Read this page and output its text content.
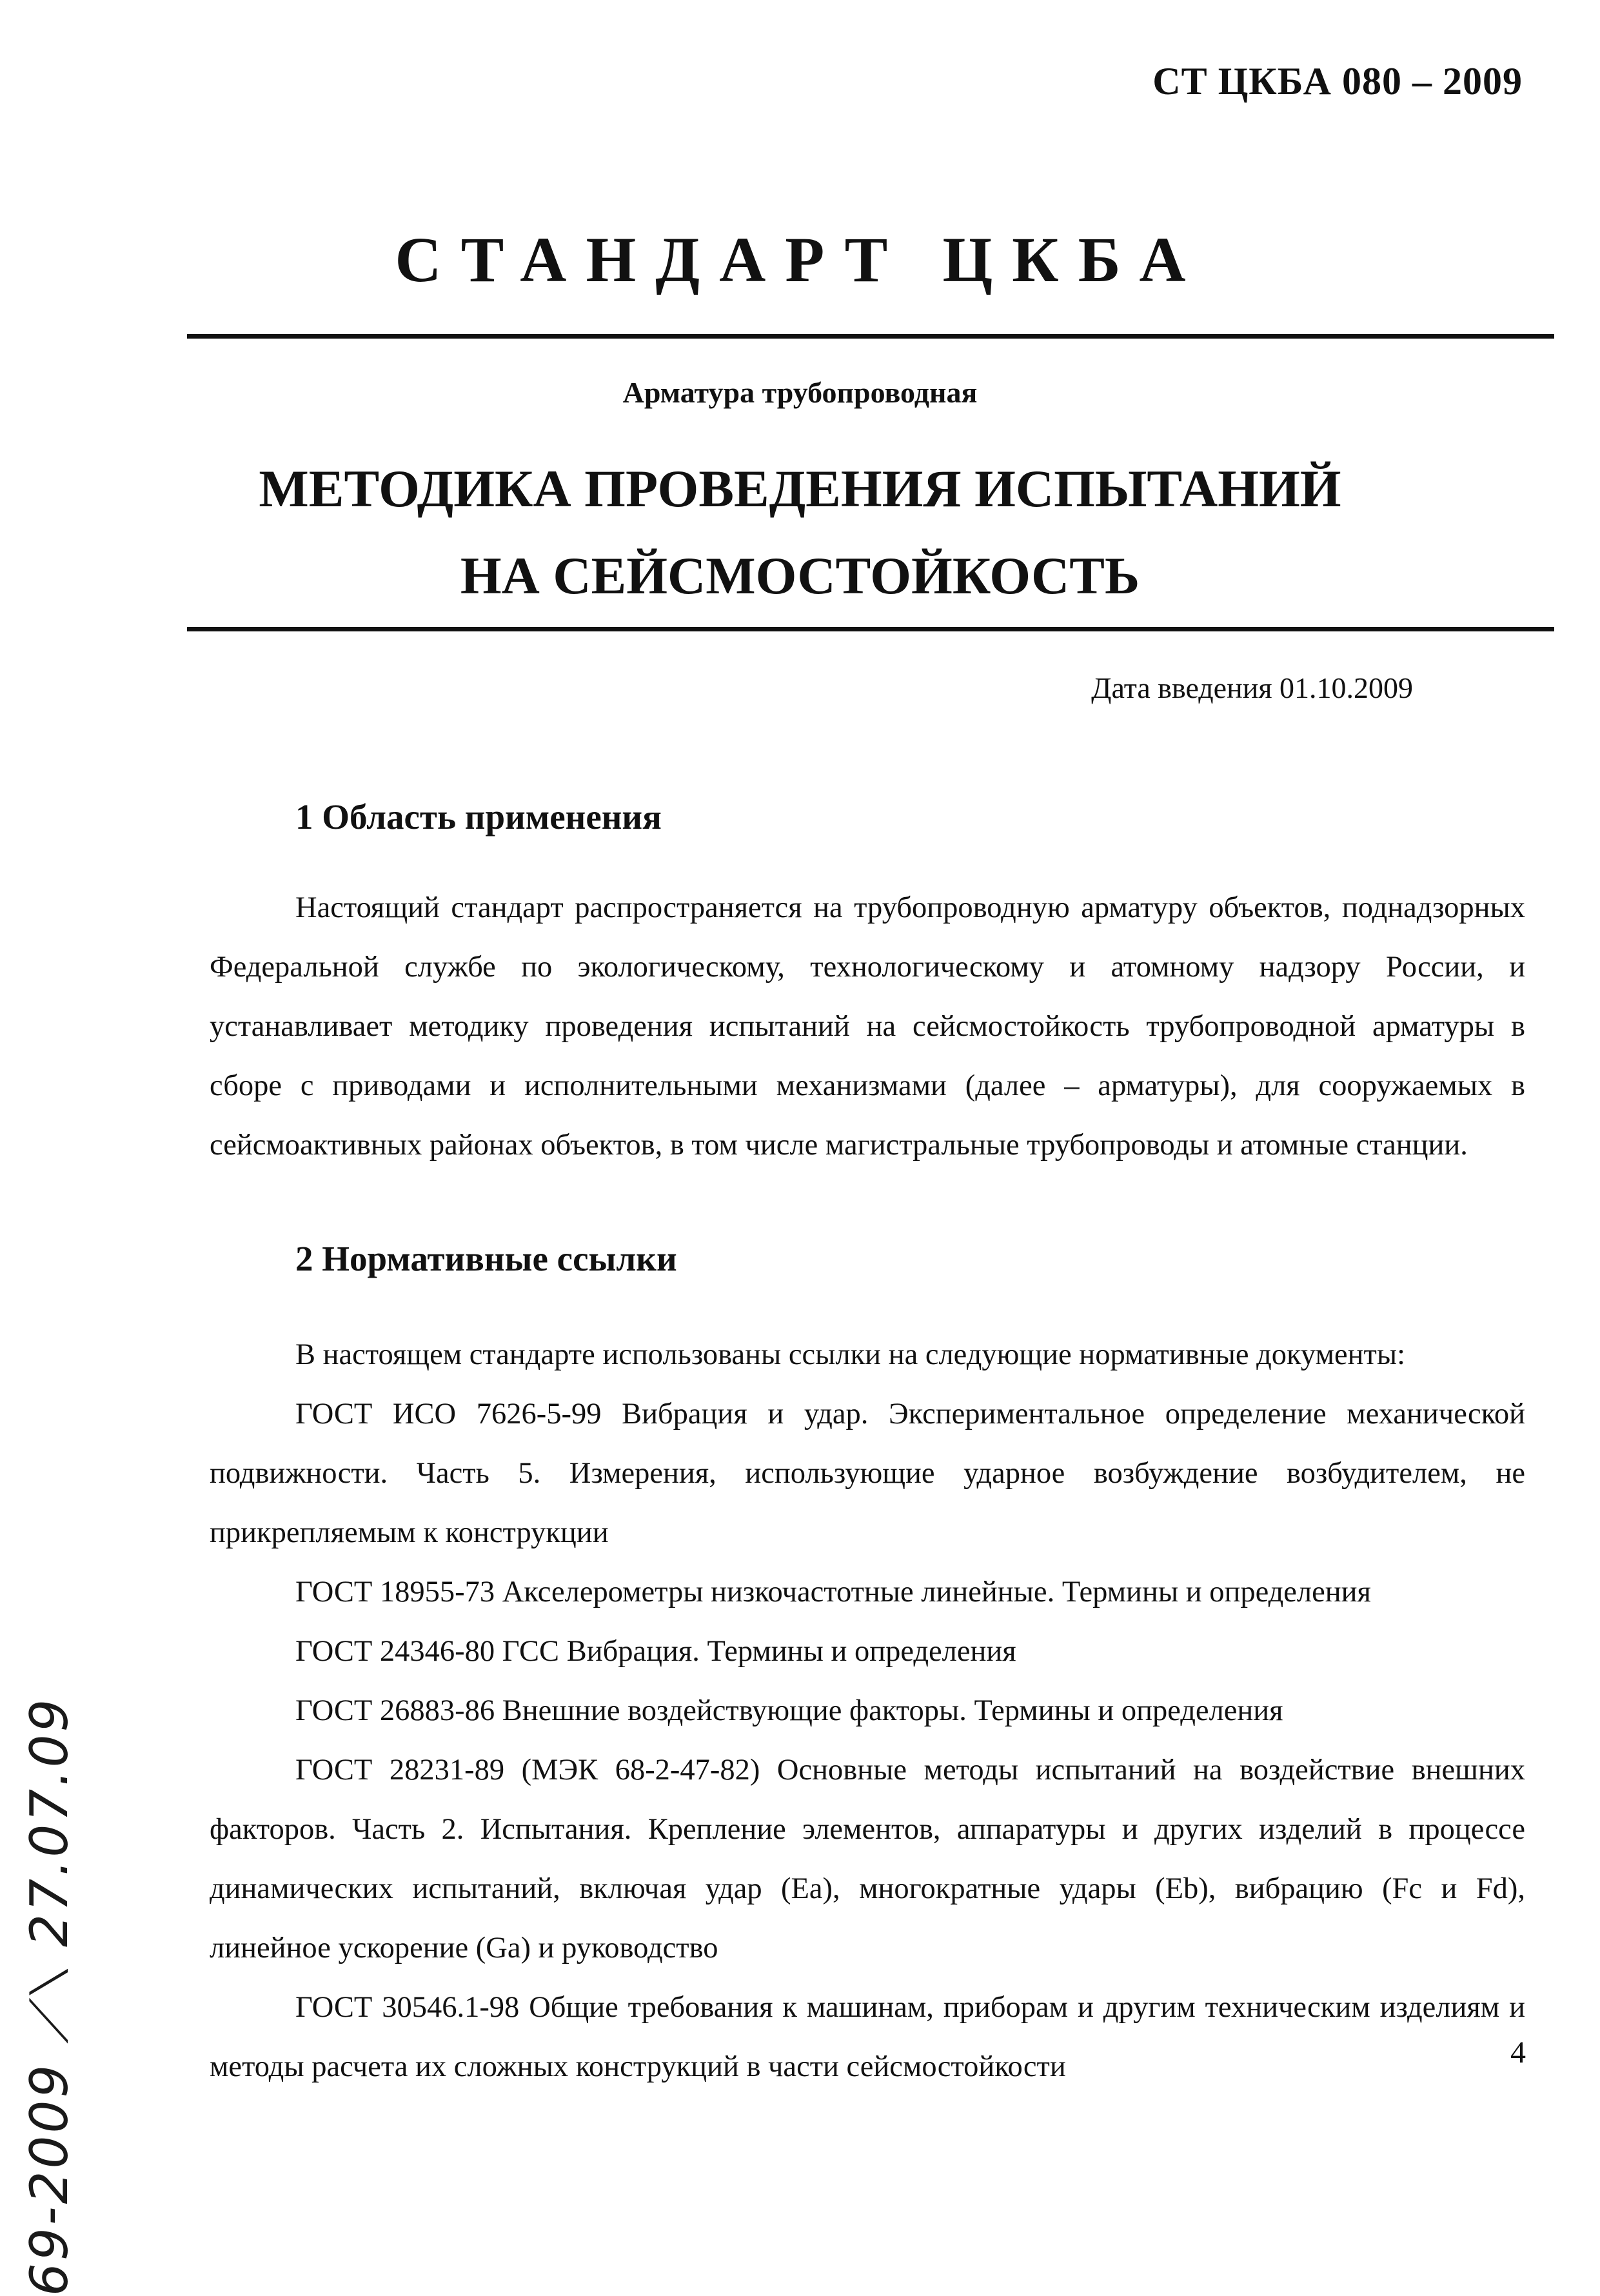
СТ ЦКБА 080 – 2009
СТАНДАРТ ЦКБА
Арматура трубопроводная
МЕТОДИКА ПРОВЕДЕНИЯ ИСПЫТАНИЙ
НА СЕЙСМОСТОЙКОСТЬ
Дата введения 01.10.2009
1 Область применения

Настоящий стандарт распространяется на трубопроводную арматуру объектов, поднадзорных Федеральной службе по экологическому, технологическому и атомному надзору России, и устанавливает методику проведения испытаний на сейсмостойкость трубопроводной арматуры в сборе с приводами и исполнительными механизмами (далее – арматуры), для сооружаемых в сейсмоактивных районах объектов, в том числе магистральные трубопроводы и атомные станции.

2 Нормативные ссылки

В настоящем стандарте использованы ссылки на следующие нормативные документы:

ГОСТ ИСО 7626-5-99 Вибрация и удар. Экспериментальное определение механической подвижности. Часть 5. Измерения, использующие ударное возбуждение возбудителем, не прикрепляемым к конструкции

ГОСТ 18955-73 Акселерометры низкочастотные линейные. Термины и определения

ГОСТ 24346-80 ГСС Вибрация. Термины и определения

ГОСТ 26883-86 Внешние воздействующие факторы. Термины и определения

ГОСТ 28231-89 (МЭК 68-2-47-82) Основные методы испытаний на воздействие внешних факторов. Часть 2. Испытания. Крепление элементов, аппаратуры и других изделий в процессе динамических испытаний, включая удар (Ea), многократные удары (Eb), вибрацию (Fc и Fd), линейное ускорение (Ga) и руководство

ГОСТ 30546.1-98 Общие требования к машинам, приборам и другим техническим изделиям и методы расчета их сложных конструкций в части сейсмостойкости

69-2009 ⟋⟍ 27.07.09	4
